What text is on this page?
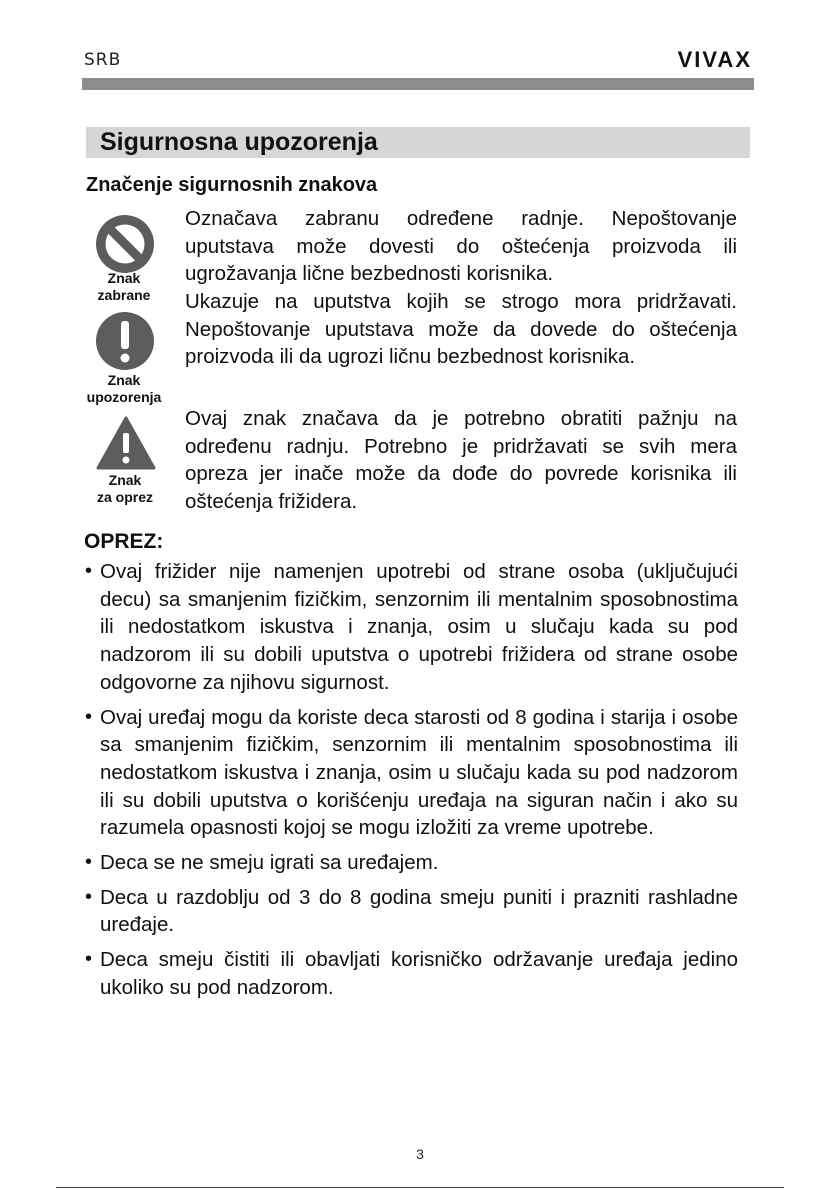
SRB	VIVAX
Sigurnosna upozorenja
Značenje sigurnosnih znakova
Znak
zabrane
Znak
upozorenja
Znak
za oprez

Označava zabranu određene radnje. Nepoštovanje uputstava može dovesti do oštećenja proizvoda ili ugrožavanja lične bezbednosti korisnika.

Ukazuje na uputstva kojih se strogo mora pridržavati. Nepoštovanje uputstava može da dovede do oštećenja proizvoda ili da ugrozi ličnu bezbednost korisnika.

Ovaj znak značava da je potrebno obratiti pažnju na određenu radnju. Potrebno je pridržavati se svih mera opreza jer inače može da dođe do povrede korisnika ili oštećenja frižidera.

OPREZ:
• Ovaj frižider nije namenjen upotrebi od strane osoba (uključujući decu) sa smanjenim fizičkim, senzornim ili mentalnim sposobnostima ili nedostatkom iskustva i znanja, osim u slučaju kada su pod nadzorom ili su dobili uputstva o upotrebi frižidera od strane osobe odgovorne za njihovu sigurnost.
• Ovaj uređaj mogu da koriste deca starosti od 8 godina i starija i osobe sa smanjenim fizičkim, senzornim ili mentalnim sposobnostima ili nedostatkom iskustva i znanja, osim u slučaju kada su pod nadzorom ili su dobili uputstva o korišćenju uređaja na siguran način i ako su razumela opasnosti kojoj se mogu izložiti za vreme upotrebe.
• Deca se ne smeju igrati sa uređajem.
• Deca u razdoblju od 3 do 8 godina smeju puniti i prazniti rashladne uređaje.
• Deca smeju čistiti ili obavljati korisničko održavanje uređaja jedino ukoliko su pod nadzorom.
3
